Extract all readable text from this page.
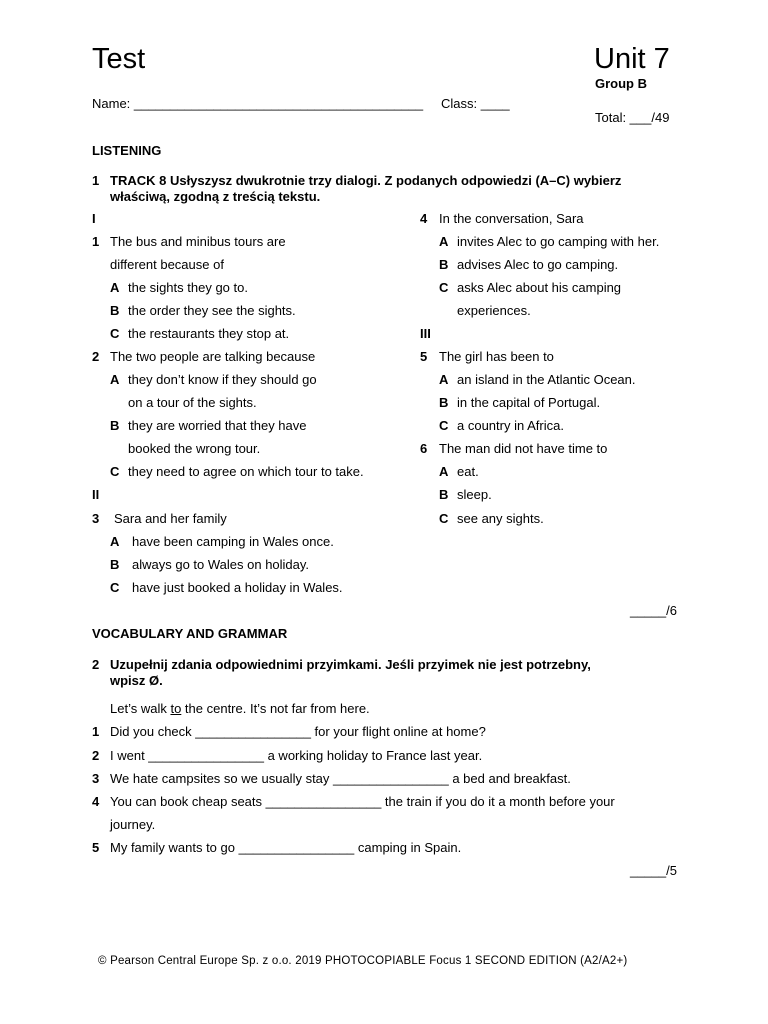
Test	Unit 7
Group B
Name: ________________________________________ Class: ____
Total: ___/49
LISTENING
1 TRACK 8 Usłyszysz dwukrotnie trzy dialogi. Z podanych odpowiedzi (A–C) wybierz
właściwą, zgodną z treścią tekstu.
I
1 The bus and minibus tours are
different because of
A the sights they go to.
B the order they see the sights.
C the restaurants they stop at.
2 The two people are talking because
A they don’t know if they should go
on a tour of the sights.
B they are worried that they have
booked the wrong tour.
C they need to agree on which tour to take.
II
3 Sara and her family
A have been camping in Wales once.
B always go to Wales on holiday.
C have just booked a holiday in Wales.
4 In the conversation, Sara
A invites Alec to go camping with her.
B advises Alec to go camping.
C asks Alec about his camping
experiences.
III
5 The girl has been to
A an island in the Atlantic Ocean.
B in the capital of Portugal.
C a country in Africa.
6 The man did not have time to
A eat.
B sleep.
C see any sights.
_____/6
VOCABULARY AND GRAMMAR
2 Uzupełnij zdania odpowiednimi przyimkami. Jeśli przyimek nie jest potrzebny,
wpisz Ø.
Let’s walk to the centre. It’s not far from here.
1 Did you check ________________ for your flight online at home?
2 I went ________________ a working holiday to France last year.
3 We hate campsites so we usually stay ________________ a bed and breakfast.
4 You can book cheap seats ________________ the train if you do it a month before your
journey.
5 My family wants to go ________________ camping in Spain.
_____/5
© Pearson Central Europe Sp. z o.o. 2019 PHOTOCOPIABLE Focus 1 SECOND EDITION (A2/A2+)
